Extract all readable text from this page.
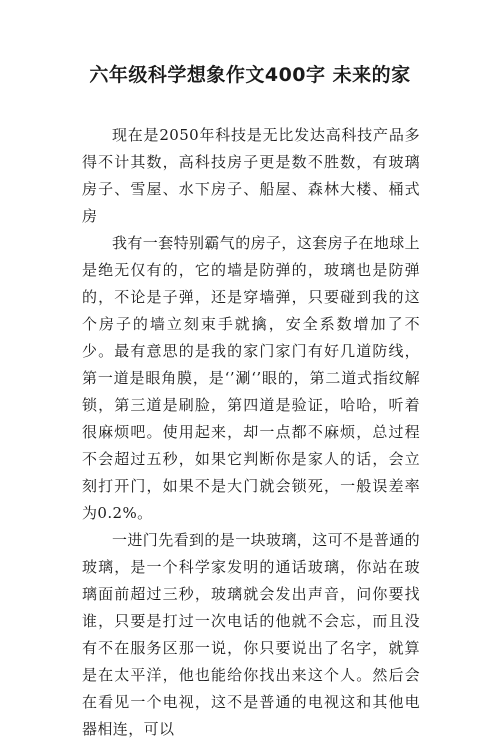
六年级科学想象作文400字 未来的家

现在是2050年科技是无比发达高科技产品多得不计其数，高科技房子更是数不胜数，有玻璃房子、雪屋、水下房子、船屋、森林大楼、桶式房

我有一套特别霸气的房子，这套房子在地球上是绝无仅有的，它的墙是防弹的，玻璃也是防弹的，不论是子弹，还是穿墙弹，只要碰到我的这个房子的墙立刻束手就擒，安全系数增加了不少。最有意思的是我的家门家门有好几道防线，第一道是眼角膜，是‘’涮‘’眼的，第二道式指纹解锁，第三道是刷脸，第四道是验证，哈哈，听着很麻烦吧。使用起来，却一点都不麻烦，总过程不会超过五秒，如果它判断你是家人的话，会立刻打开门，如果不是大门就会锁死，一般误差率为0.2%。

一进门先看到的是一块玻璃，这可不是普通的玻璃，是一个科学家发明的通话玻璃，你站在玻璃面前超过三秒，玻璃就会发出声音，问你要找谁，只要是打过一次电话的他就不会忘，而且没有不在服务区那一说，你只要说出了名字，就算是在太平洋，他也能给你找出来这个人。然后会在看见一个电视，这不是普通的电视这和其他电器相连，可以
